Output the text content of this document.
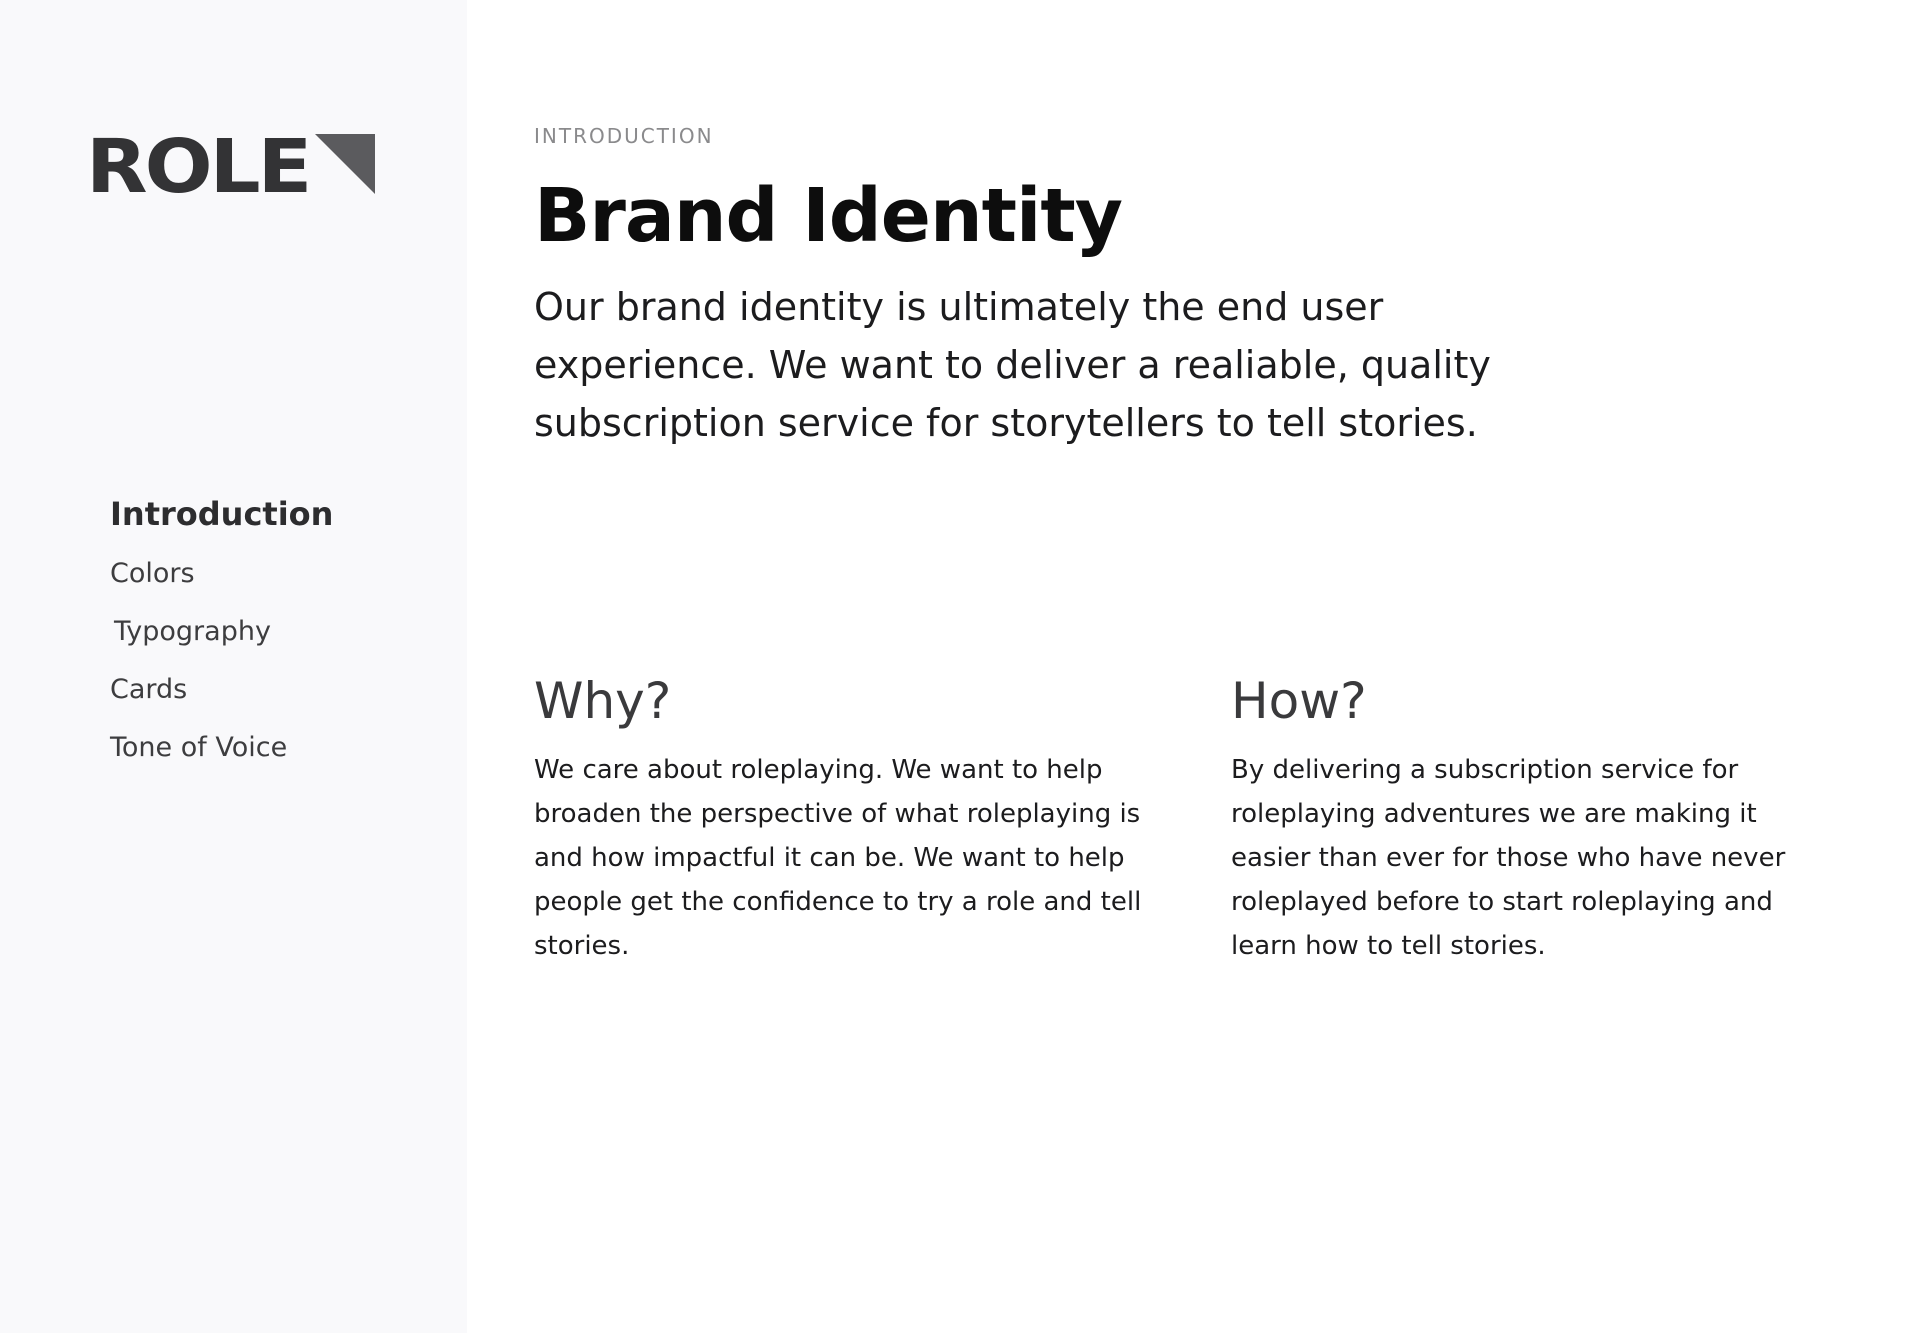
ROLE
Introduction
Colors
Typography
Cards
Tone of Voice
INTRODUCTION
Brand Identity

Our brand identity is ultimately the end user experience. We want to deliver a realiable, quality subscription service for storytellers to tell stories.

Why?

We care about roleplaying. We want to help broaden the perspective of what roleplaying is and how impactful it can be. We want to help people get the confidence to try a role and tell stories.

How?

By delivering a subscription service for roleplaying adventures we are making it easier than ever for those who have never roleplayed before to start roleplaying and learn how to tell stories.
